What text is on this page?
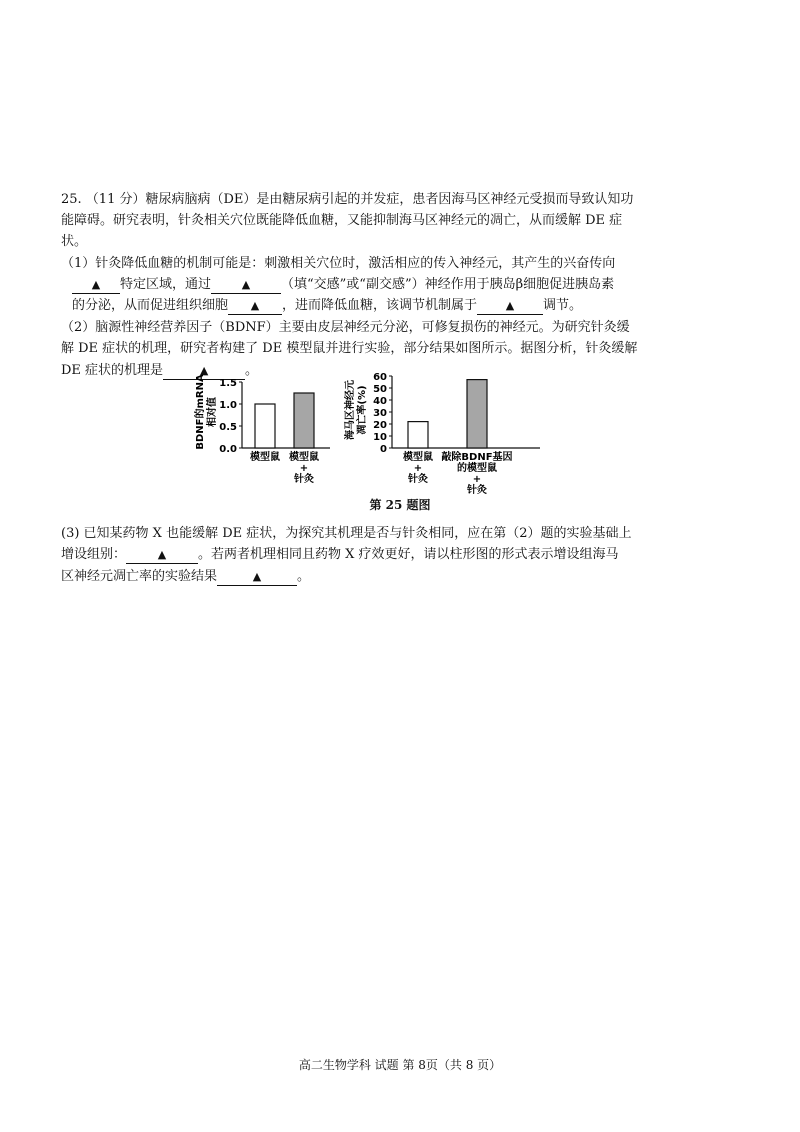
25. （11 分）糖尿病脑病（DE）是由糖尿病引起的并发症，患者因海马区神经元受损而导致认知功
能障碍。研究表明，针灸相关穴位既能降低血糖，又能抑制海马区神经元的凋亡，从而缓解 DE 症
状。
（1）针灸降低血糖的机制可能是：刺激相关穴位时，激活相应的传入神经元，其产生的兴奋传向
▲ 特定区域，通过	▲ （填“交感”或“副交感”）神经作用于胰岛β细胞促进胰岛素
的分泌，从而促进组织细胞 ▲ ，进而降低血糖，该调节机制属于	▲ 调节。
（2）脑源性神经营养因子（BDNF）主要由皮层神经元分泌，可修复损伤的神经元。为研究针灸缓
解 DE 症状的机理，研究者构建了 DE 模型鼠并进行实验，部分结果如图所示。据图分析，针灸缓解
DE 症状的机理是	▲	。
BDNF的mRNA 相对值
1.5
1.0
0.5
0.0
模型鼠 模型鼠
+
针灸
海马区神经元 凋亡率(%)
60
50
40
30
20
10
0
模型鼠
+
针灸
敲除BDNF基因
的模型鼠
+
针灸
第 25 题图
(3) 已知某药物 X 也能缓解 DE 症状，为探究其机理是否与针灸相同，应在第（2）题的实验基础上
增设组别：	▲ 。若两者机理相同且药物 X 疗效更好，请以柱形图的形式表示增设组海马
区神经元凋亡率的实验结果	▲	。
高二生物学科 试题 第 8页（共 8 页）
